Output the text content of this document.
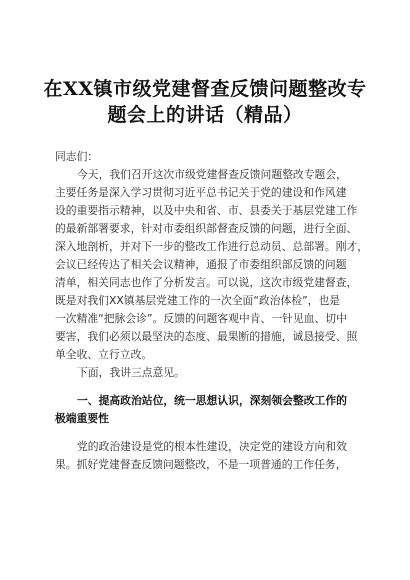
在XX镇市级党建督查反馈问题整改专
题会上的讲话（精品）
同志们：
今天，我们召开这次市级党建督查反馈问题整改专题会，
主要任务是深入学习贯彻习近平总书记关于党的建设和作风建
设的重要指示精神，以及中央和省、市、县委关于基层党建工作
的最新部署要求，针对市委组织部督查反馈的问题，进行全面、
深入地剖析，并对下一步的整改工作进行总动员、总部署。刚才，
会议已经传达了相关会议精神，通报了市委组织部反馈的问题
清单，相关同志也作了分析发言。可以说，这次市级党建督查，
既是对我们XX镇基层党建工作的一次全面“政治体检”，也是
一次精准“把脉会诊”。反馈的问题客观中肯、一针见血、切中
要害，我们必须以最坚决的态度、最果断的措施，诚恳接受、照
单全收、立行立改。
下面，我讲三点意见。
一、提高政治站位，统一思想认识，深刻领会整改工作的
极端重要性
党的政治建设是党的根本性建设，决定党的建设方向和效
果。抓好党建督查反馈问题整改，不是一项普通的工作任务，
